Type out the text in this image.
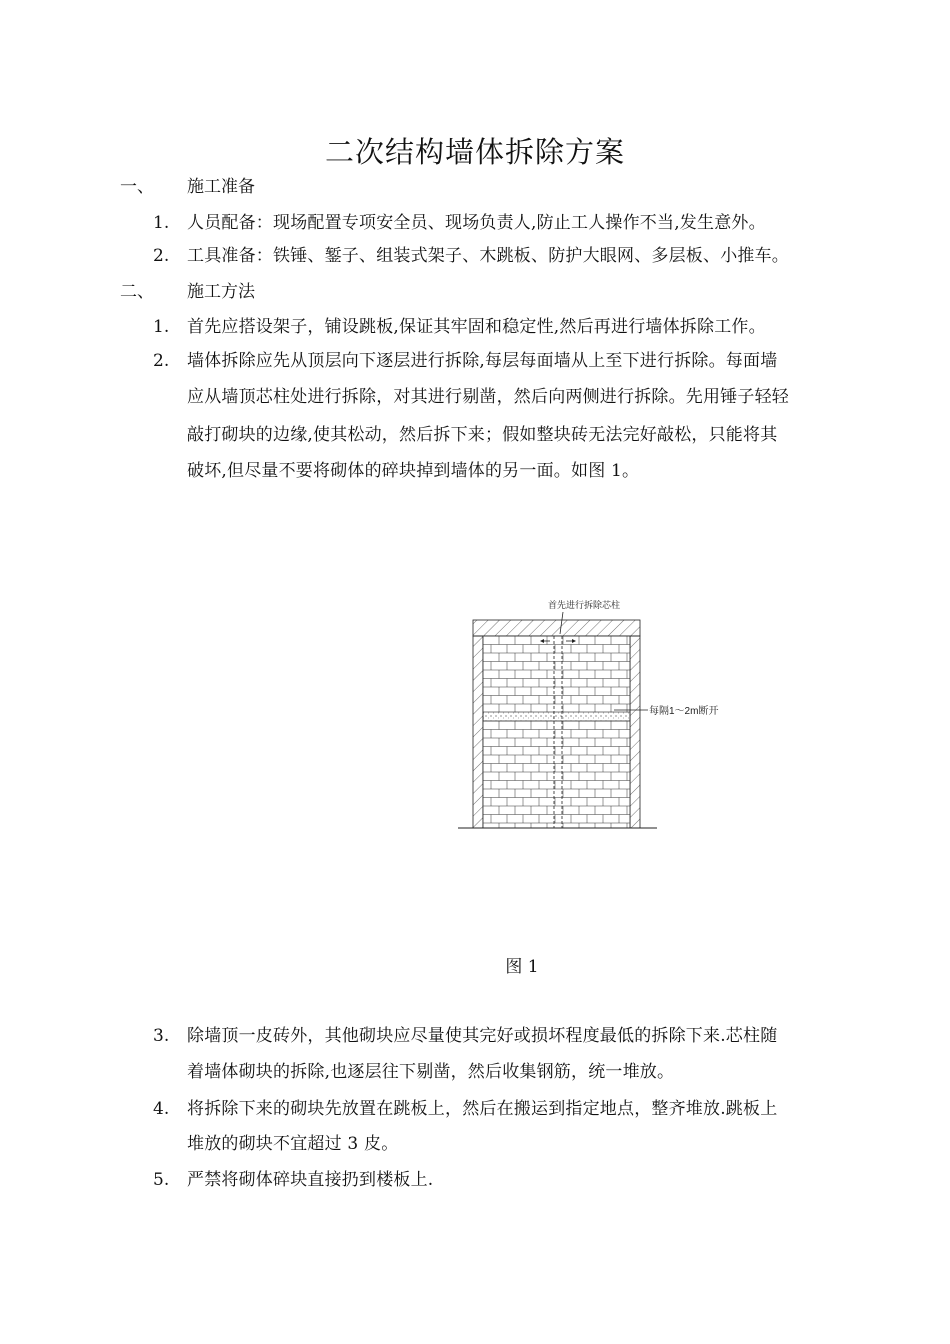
二次结构墙体拆除方案
一、 施工准备
1. 人员配备：现场配置专项安全员、现场负责人,防止工人操作不当,发生意外。
2. 工具准备：铁锤、錾子、组装式架子、木跳板、防护大眼网、多层板、小推车。
二、 施工方法
1. 首先应搭设架子，铺设跳板,保证其牢固和稳定性,然后再进行墙体拆除工作。
2. 墙体拆除应先从顶层向下逐层进行拆除,每层每面墙从上至下进行拆除。每面墙
应从墙顶芯柱处进行拆除，对其进行剔凿，然后向两侧进行拆除。先用锤子轻轻
敲打砌块的边缘,使其松动，然后拆下来；假如整块砖无法完好敲松，只能将其
破坏,但尽量不要将砌体的碎块掉到墙体的另一面。如图 1。
首先进行拆除芯柱
每隔1～2m断开
图 1
3. 除墙顶一皮砖外，其他砌块应尽量使其完好或损坏程度最低的拆除下来.芯柱随
着墙体砌块的拆除,也逐层往下剔凿，然后收集钢筋，统一堆放。
4. 将拆除下来的砌块先放置在跳板上，然后在搬运到指定地点，整齐堆放.跳板上
堆放的砌块不宜超过 3 皮。
5. 严禁将砌体碎块直接扔到楼板上.
